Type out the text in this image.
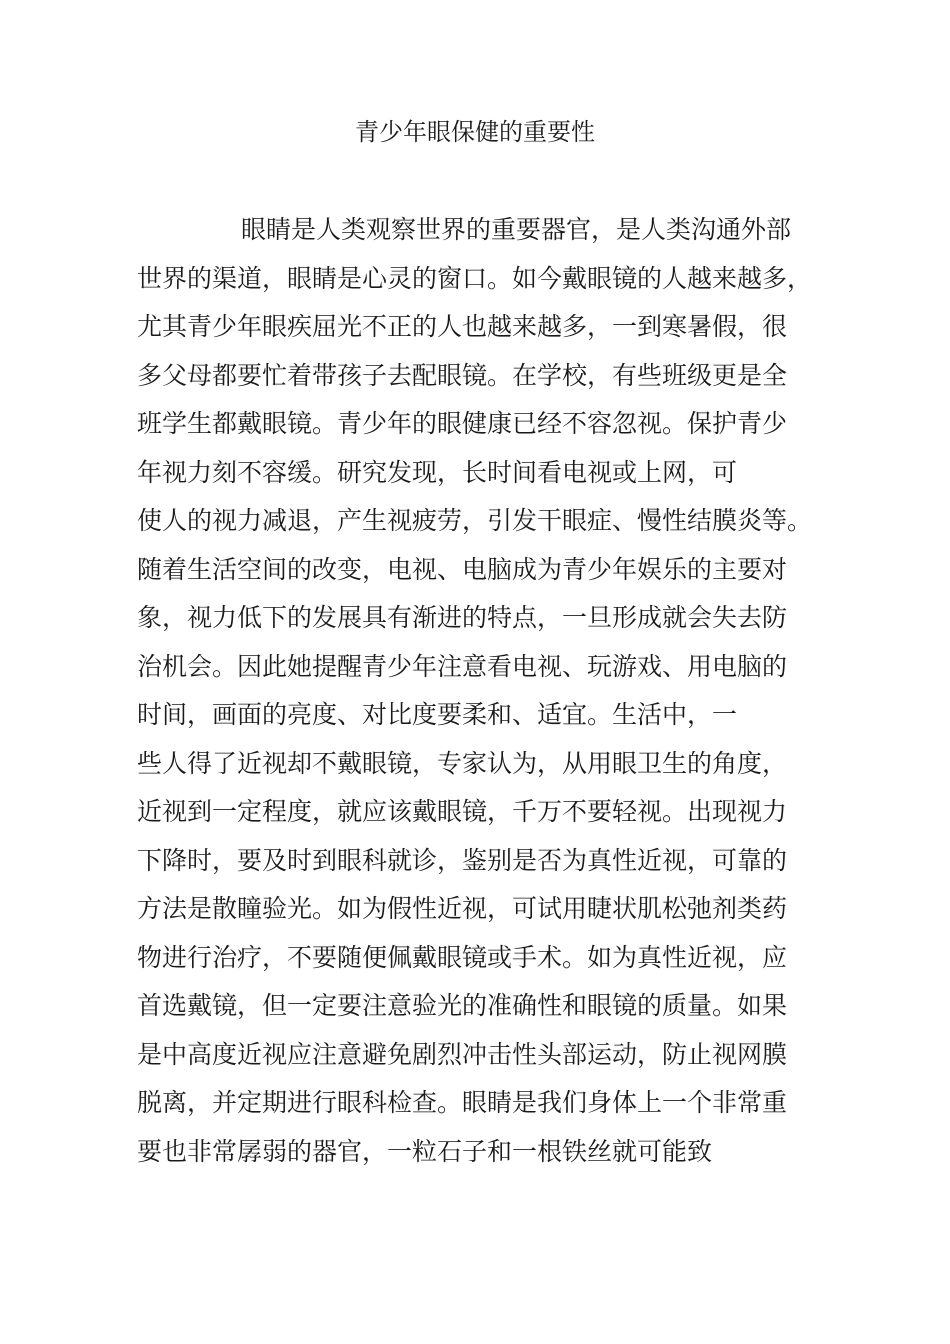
青少年眼保健的重要性
眼睛是人类观察世界的重要器官，是人类沟通外部
世界的渠道，眼睛是心灵的窗口。如今戴眼镜的人越来越多，
尤其青少年眼疾屈光不正的人也越来越多，一到寒暑假，很
多父母都要忙着带孩子去配眼镜。在学校，有些班级更是全
班学生都戴眼镜。青少年的眼健康已经不容忽视。保护青少
年视力刻不容缓。研究发现，长时间看电视或上网，可
使人的视力减退，产生视疲劳，引发干眼症、慢性结膜炎等。
随着生活空间的改变，电视、电脑成为青少年娱乐的主要对
象，视力低下的发展具有渐进的特点，一旦形成就会失去防
治机会。因此她提醒青少年注意看电视、玩游戏、用电脑的
时间，画面的亮度、对比度要柔和、适宜。生活中，一
些人得了近视却不戴眼镜，专家认为，从用眼卫生的角度，
近视到一定程度，就应该戴眼镜，千万不要轻视。出现视力
下降时，要及时到眼科就诊，鉴别是否为真性近视，可靠的
方法是散瞳验光。如为假性近视，可试用睫状肌松弛剂类药
物进行治疗，不要随便佩戴眼镜或手术。如为真性近视，应
首选戴镜，但一定要注意验光的准确性和眼镜的质量。如果
是中高度近视应注意避免剧烈冲击性头部运动，防止视网膜
脱离，并定期进行眼科检查。眼睛是我们身体上一个非常重
要也非常孱弱的器官，一粒石子和一根铁丝就可能致
